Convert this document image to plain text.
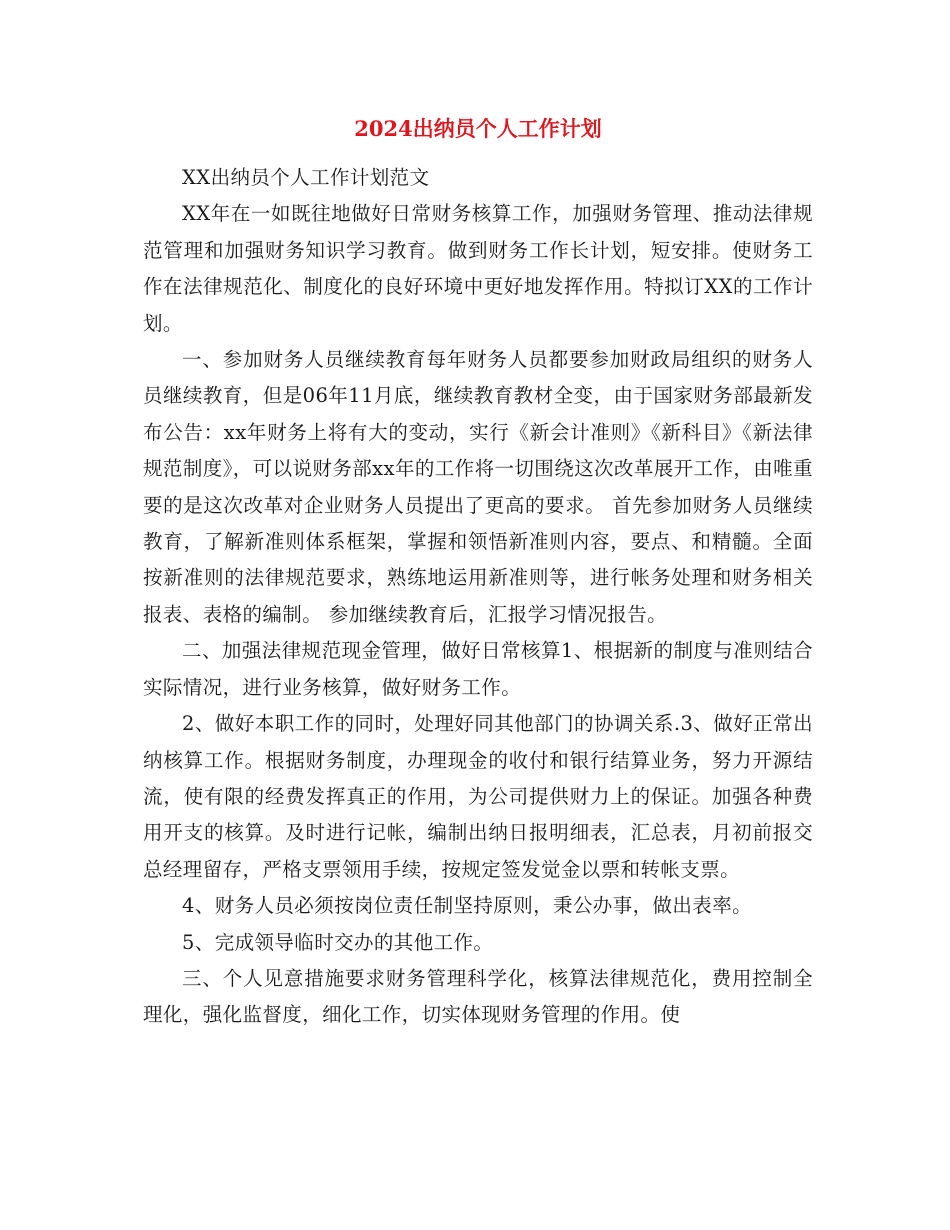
2024出纳员个人工作计划

XX出纳员个人工作计划范文

XX年在一如既往地做好日常财务核算工作，加强财务管理、推动法律规范管理和加强财务知识学习教育。做到财务工作长计划，短安排。使财务工作在法律规范化、制度化的良好环境中更好地发挥作用。特拟订XX的工作计划。

一、参加财务人员继续教育每年财务人员都要参加财政局组织的财务人员继续教育，但是06年11月底，继续教育教材全变，由于国家财务部最新发布公告：xx年财务上将有大的变动，实行《新会计准则》《新科目》《新法律规范制度》，可以说财务部xx年的工作将一切围绕这次改革展开工作，由唯重要的是这次改革对企业财务人员提出了更高的要求。 首先参加财务人员继续教育，了解新准则体系框架，掌握和领悟新准则内容，要点、和精髓。全面按新准则的法律规范要求，熟练地运用新准则等，进行帐务处理和财务相关报表、表格的编制。 参加继续教育后，汇报学习情况报告。

二、加强法律规范现金管理，做好日常核算1、根据新的制度与准则结合实际情况，进行业务核算，做好财务工作。

2、做好本职工作的同时，处理好同其他部门的协调关系.3、做好正常出纳核算工作。根据财务制度，办理现金的收付和银行结算业务，努力开源结流，使有限的经费发挥真正的作用，为公司提供财力上的保证。加强各种费用开支的核算。及时进行记帐，编制出纳日报明细表，汇总表，月初前报交总经理留存，严格支票领用手续，按规定签发觉金以票和转帐支票。

4、财务人员必须按岗位责任制坚持原则，秉公办事，做出表率。

5、完成领导临时交办的其他工作。

三、个人见意措施要求财务管理科学化，核算法律规范化，费用控制全理化，强化监督度，细化工作，切实体现财务管理的作用。使
